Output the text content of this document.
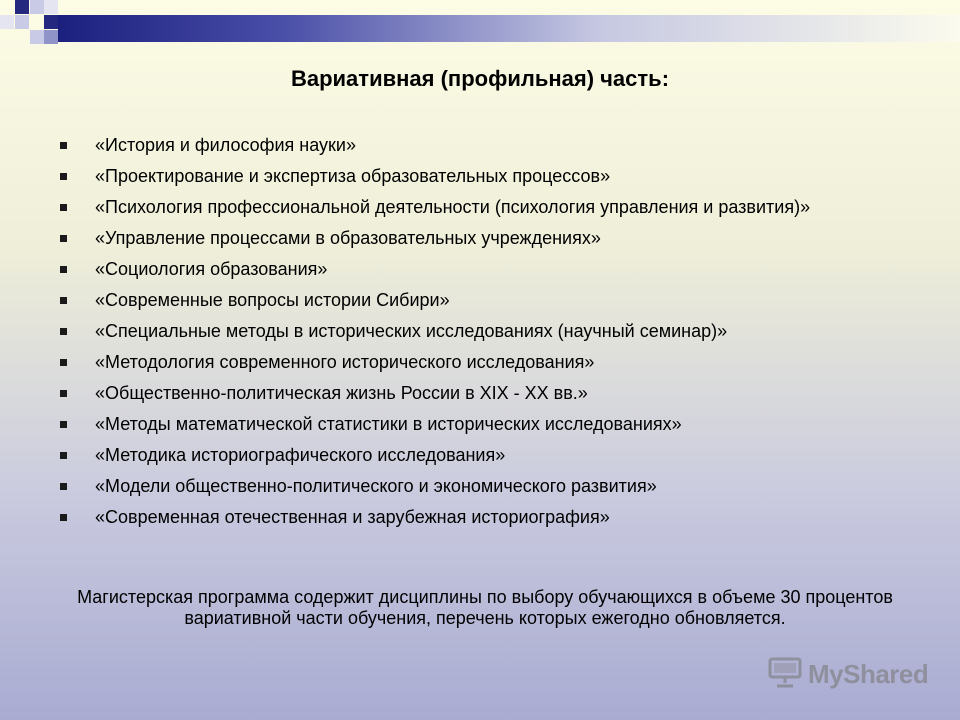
Вариативная (профильная) часть:
«История и философия науки»
«Проектирование и экспертиза образовательных процессов»
«Психология профессиональной деятельности (психология управления и развития)»
«Управление процессами в образовательных учреждениях»
«Социология образования»
«Современные вопросы истории Сибири»
«Специальные методы в исторических исследованиях (научный семинар)»
«Методология современного исторического исследования»
«Общественно-политическая жизнь России в XIX - XX вв.»
«Методы математической статистики в исторических исследованиях»
«Методика историографического исследования»
«Модели общественно-политического и экономического развития»
«Современная отечественная и зарубежная историография»
Магистерская программа содержит дисциплины по выбору обучающихся в объеме 30 процентов вариативной части обучения, перечень которых ежегодно обновляется.
MyShared
